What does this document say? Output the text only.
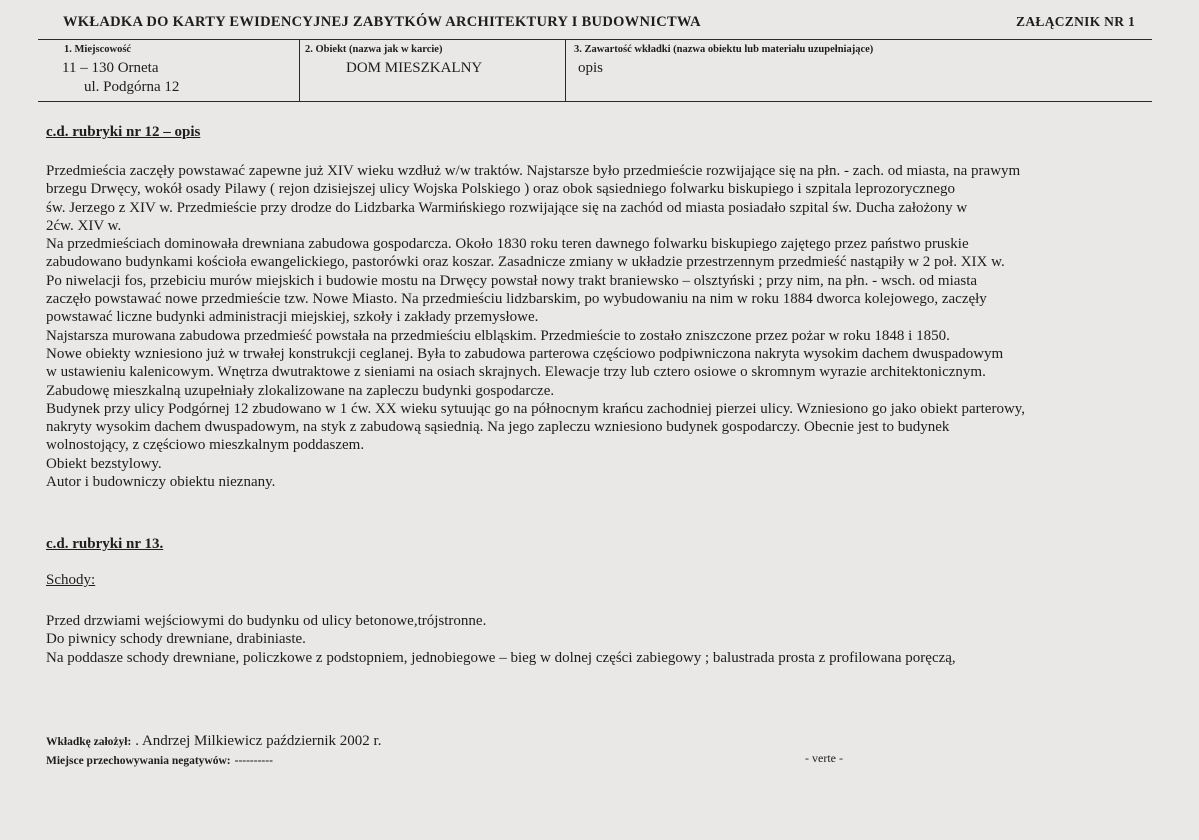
WKŁADKA DO KARTY EWIDENCYJNEJ ZABYTKÓW ARCHITEKTURY I BUDOWNICTWA	ZAŁĄCZNIK NR 1
1. Miejscowość
11 – 130 Orneta
ul. Podgórna 12
2. Obiekt (nazwa jak w karcie)
DOM MIESZKALNY
3. Zawartość wkładki (nazwa obiektu lub materiału uzupełniające)
opis
c.d. rubryki nr 12 – opis
Przedmieścia zaczęły powstawać zapewne już XIV wieku wzdłuż w/w traktów. Najstarsze było przedmieście rozwijające się na płn. - zach. od miasta, na prawym
brzegu Drwęcy, wokół osady Pilawy ( rejon dzisiejszej ulicy Wojska Polskiego ) oraz obok sąsiedniego folwarku biskupiego i szpitala leprozorycznego
św. Jerzego z XIV w. Przedmieście przy drodze do Lidzbarka Warmińskiego rozwijające się na zachód od miasta posiadało szpital św. Ducha założony w
2ćw. XIV w.
Na przedmieściach dominowała drewniana zabudowa gospodarcza. Około 1830 roku teren dawnego folwarku biskupiego zajętego przez państwo pruskie
zabudowano budynkami kościoła ewangelickiego, pastorówki oraz koszar. Zasadnicze zmiany w układzie przestrzennym przedmieść nastąpiły w 2 poł. XIX w.
Po niwelacji fos, przebiciu murów miejskich i budowie mostu na Drwęcy powstał nowy trakt braniewsko – olsztyński ; przy nim, na płn. - wsch. od miasta
zaczęło powstawać nowe przedmieście tzw. Nowe Miasto. Na przedmieściu lidzbarskim, po wybudowaniu na nim w roku 1884 dworca kolejowego, zaczęły
powstawać liczne budynki administracji miejskiej, szkoły i zakłady przemysłowe.
Najstarsza murowana zabudowa przedmieść powstała na przedmieściu elbląskim. Przedmieście to zostało zniszczone przez pożar w roku 1848 i 1850.
Nowe obiekty wzniesiono już w trwałej konstrukcji ceglanej. Była to zabudowa parterowa częściowo podpiwniczona nakryta wysokim dachem dwuspadowym
w ustawieniu kalenicowym. Wnętrza dwutraktowe z sieniami na osiach skrajnych. Elewacje trzy lub cztero osiowe o skromnym wyrazie architektonicznym.
Zabudowę mieszkalną uzupełniały zlokalizowane na zapleczu budynki gospodarcze.
Budynek przy ulicy Podgórnej 12 zbudowano w 1 ćw. XX wieku sytuując go na północnym krańcu zachodniej pierzei ulicy. Wzniesiono go jako obiekt parterowy,
nakryty wysokim dachem dwuspadowym, na styk z zabudową sąsiednią. Na jego zapleczu wzniesiono budynek gospodarczy. Obecnie jest to budynek
wolnostojący, z częściowo mieszkalnym poddaszem.
Obiekt bezstylowy.
Autor i budowniczy obiektu nieznany.
c.d. rubryki nr 13.
Schody:
Przed drzwiami wejściowymi do budynku od ulicy betonowe,trójstronne.
Do piwnicy schody drewniane, drabiniaste.
Na poddasze schody drewniane, policzkowe z podstopniem, jednobiegowe – bieg w dolnej części zabiegowy ; balustrada prosta z profilowana poręczą,
Wkładkę założył: . Andrzej Milkiewicz październik 2002 r.
Miejsce przechowywania negatywów: ----------	- verte -
